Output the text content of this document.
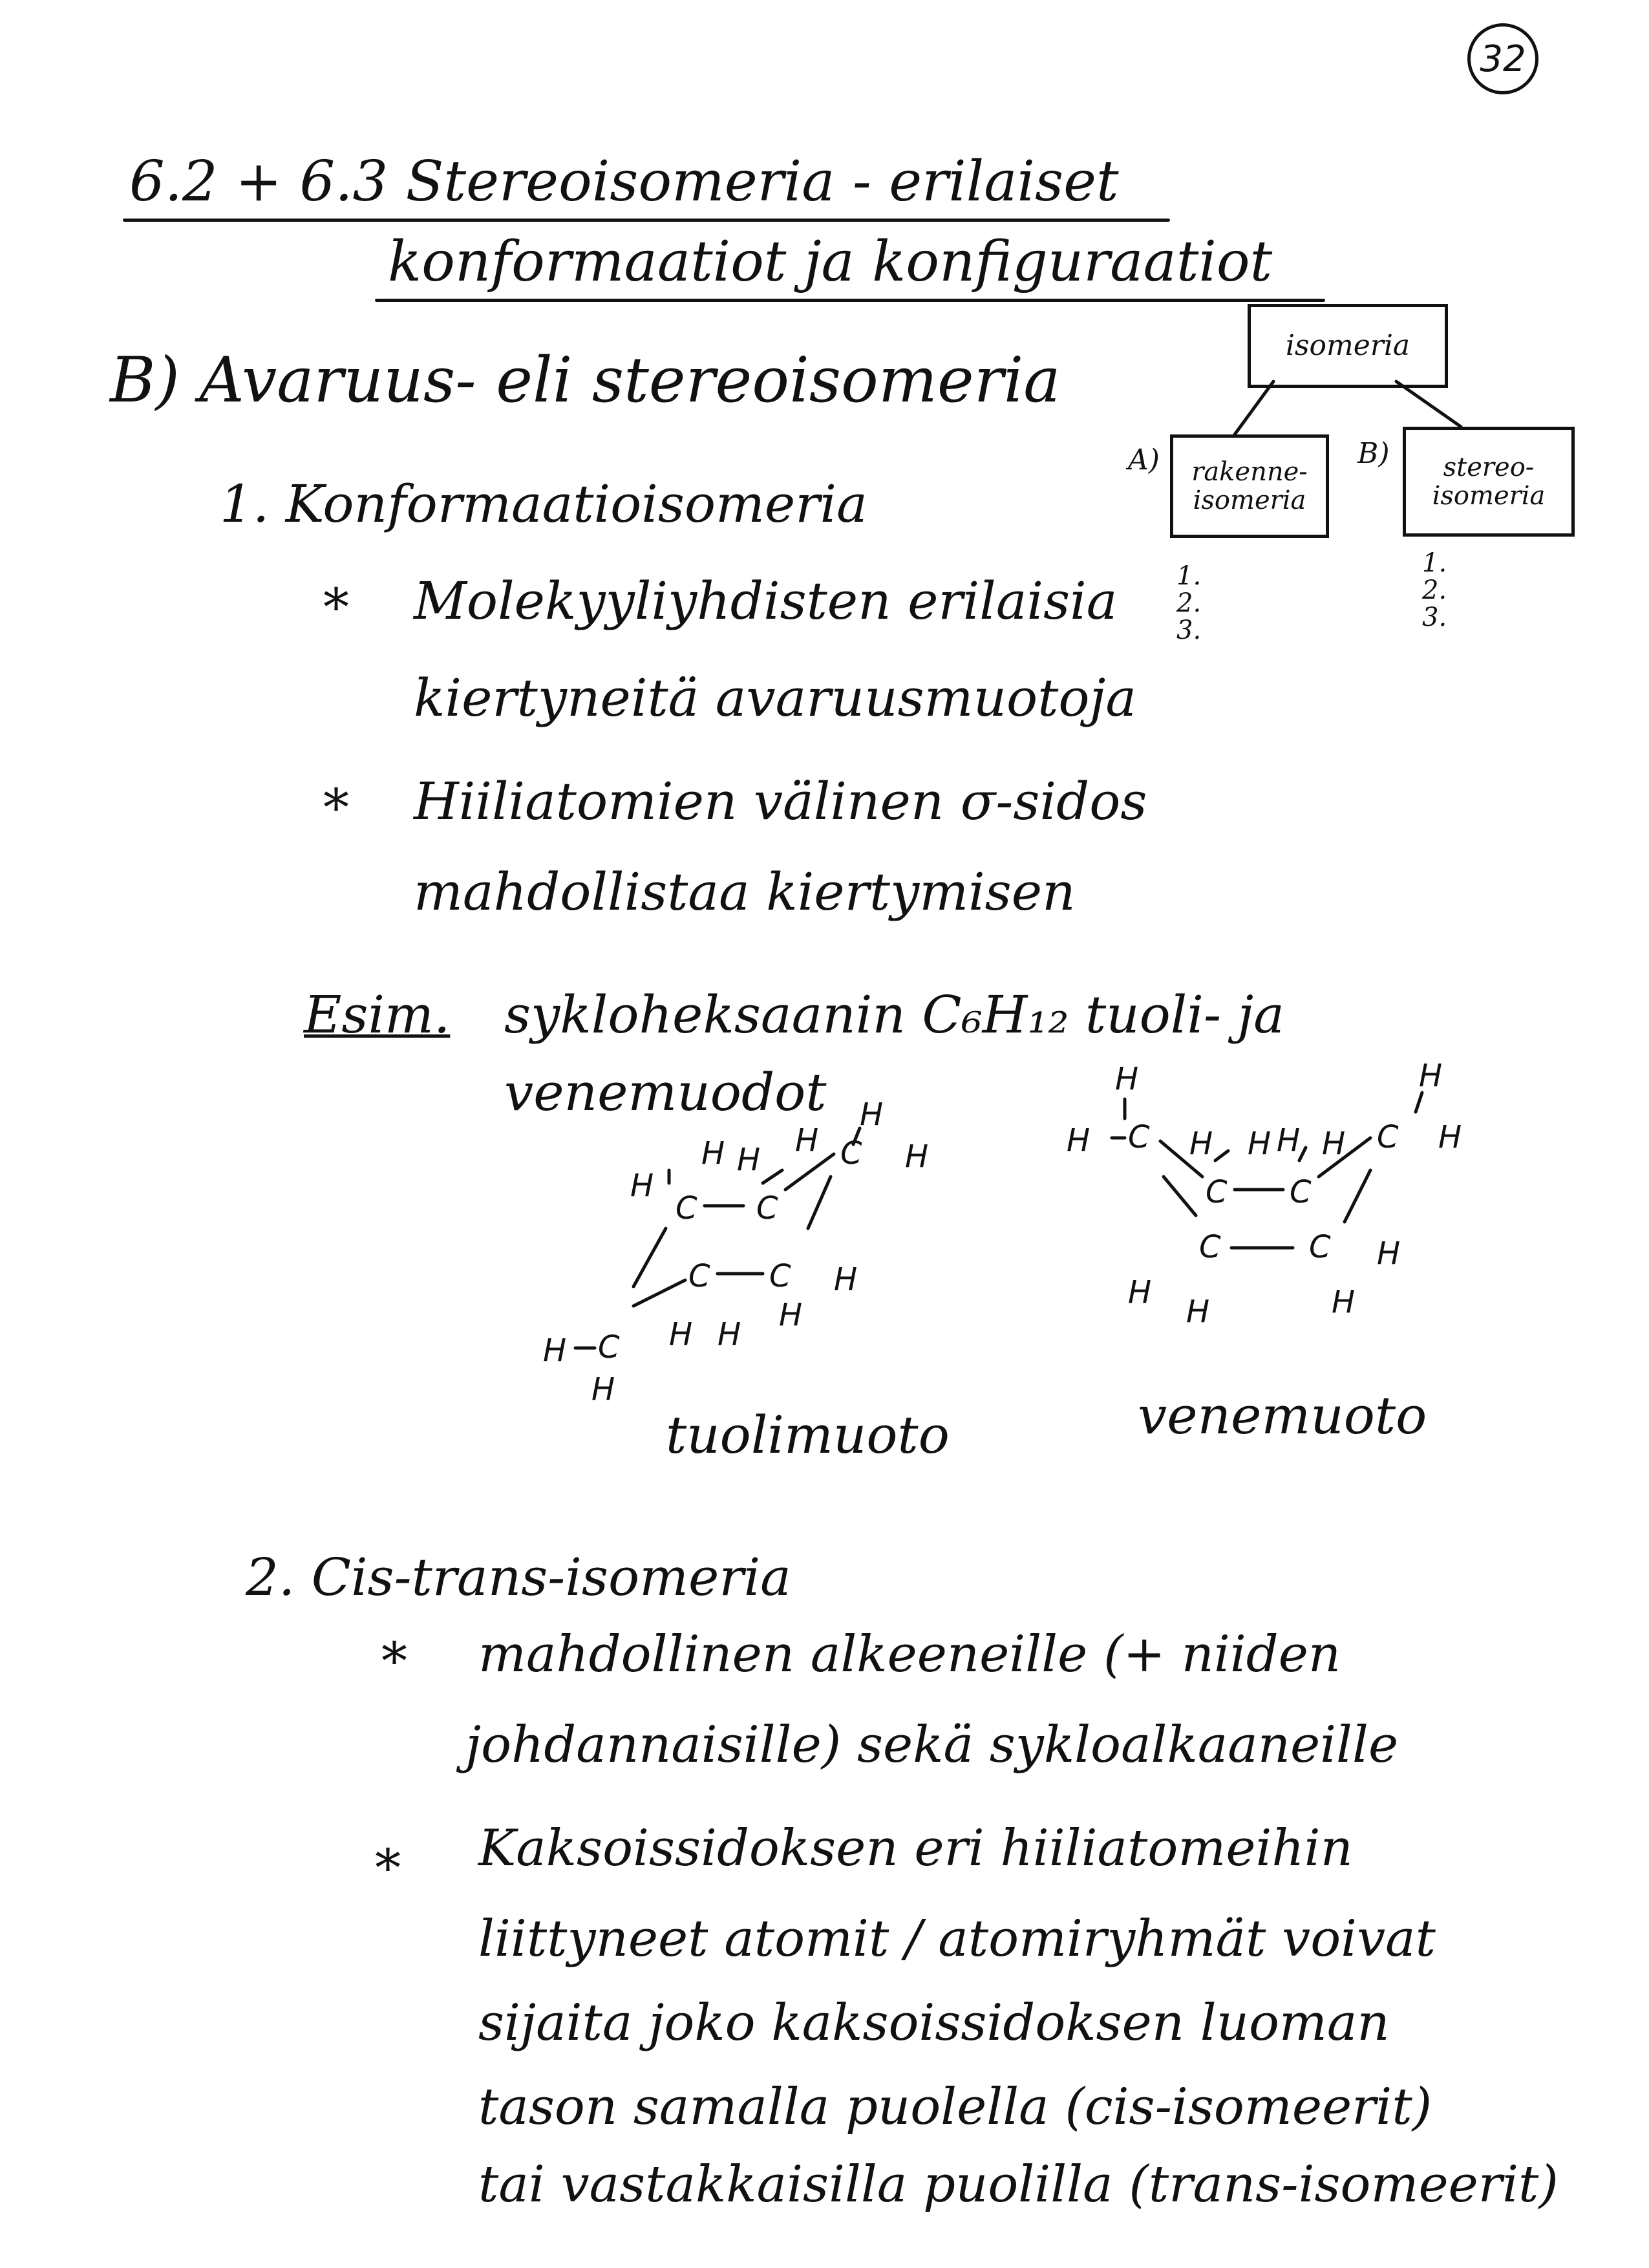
32
6.2 + 6.3 Stereoisomeria - erilaiset
konformaatiot ja konfiguraatiot
isomeria
A)	rakenne-isomeria
B)	stereo-isomeria
1.
2.
3.
1.
2.
3.
B) Avaruus- eli stereoisomeria
1. Konformaatioisomeria
* Molekyyliyhdisten erilaisia
kiertyneitä avaruusmuotoja
* Hiiliatomien välinen σ-sidos
mahdollistaa kiertymisen
Esim. sykloheksaanin C₆H₁₂ tuoli- ja
venemuodot
C C
C
C C
C
H
H H
H
H
H
H
H
H H
H
H
tuolimuoto
C
C C
C
C	C
H
H	H H H H
H
H
H
H
H
H
venemuoto
2. Cis-trans-isomeria
* mahdollinen alkeeneille (+ niiden
johdannaisille) sekä sykloalkaaneille
* Kaksoissidoksen eri hiiliatomeihin
liittyneet atomit / atomiryhmät voivat
sijaita joko kaksoissidoksen luoman
tason samalla puolella (cis-isomeerit)
tai vastakkaisilla puolilla (trans-isomeerit)
